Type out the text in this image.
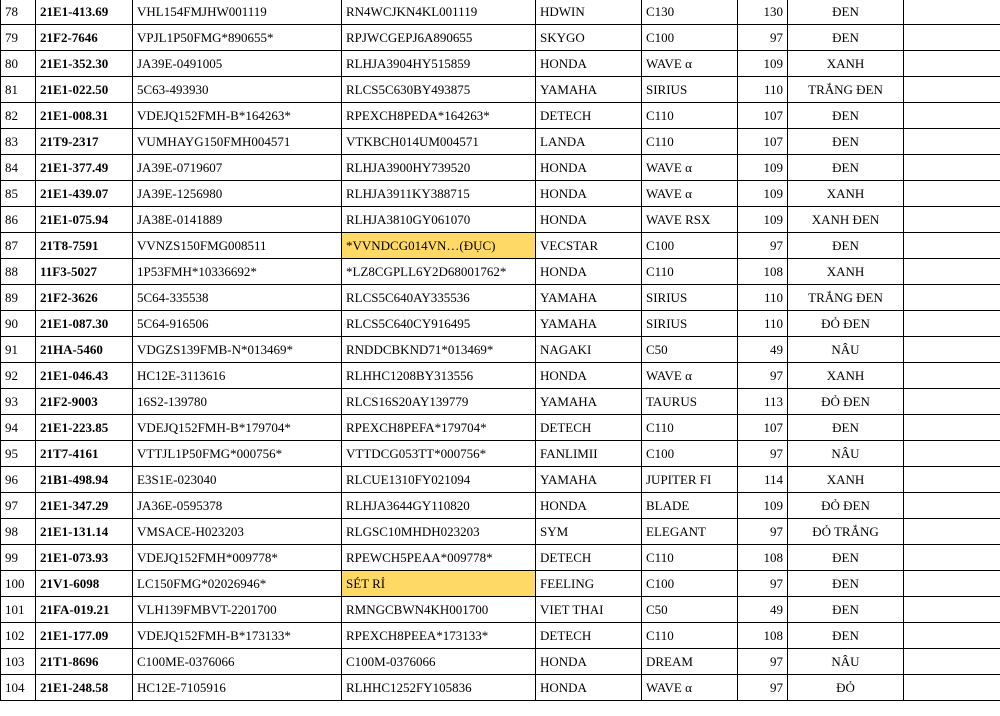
78	21E1-413.69	VHL154FMJHW001119	RN4WCJKN4KL001119	HDWIN	C130	130	ĐEN	
79	21F2-7646	VPJL1P50FMG*890655*	RPJWCGEPJ6A890655	SKYGO	C100	97	ĐEN	
80	21E1-352.30	JA39E-0491005	RLHJA3904HY515859	HONDA	WAVE α	109	XANH	
81	21E1-022.50	5C63-493930	RLCS5C630BY493875	YAMAHA	SIRIUS	110	TRẮNG ĐEN	
82	21E1-008.31	VDEJQ152FMH-B*164263*	RPEXCH8PEDA*164263*	DETECH	C110	107	ĐEN	
83	21T9-2317	VUMHAYG150FMH004571	VTKBCH014UM004571	LANDA	C110	107	ĐEN	
84	21E1-377.49	JA39E-0719607	RLHJA3900HY739520	HONDA	WAVE α	109	ĐEN	
85	21E1-439.07	JA39E-1256980	RLHJA3911KY388715	HONDA	WAVE α	109	XANH	
86	21E1-075.94	JA38E-0141889	RLHJA3810GY061070	HONDA	WAVE RSX	109	XANH ĐEN	
87	21T8-7591	VVNZS150FMG008511	*VVNDCG014VN…(ĐỤC)	VECSTAR	C100	97	ĐEN	
88	11F3-5027	1P53FMH*10336692*	*LZ8CGPLL6Y2D68001762*	HONDA	C110	108	XANH	
89	21F2-3626	5C64-335538	RLCS5C640AY335536	YAMAHA	SIRIUS	110	TRẮNG ĐEN	
90	21E1-087.30	5C64-916506	RLCS5C640CY916495	YAMAHA	SIRIUS	110	ĐỎ ĐEN	
91	21HA-5460	VDGZS139FMB-N*013469*	RNDDCBKND71*013469*	NAGAKI	C50	49	NÂU	
92	21E1-046.43	HC12E-3113616	RLHHC1208BY313556	HONDA	WAVE α	97	XANH	
93	21F2-9003	16S2-139780	RLCS16S20AY139779	YAMAHA	TAURUS	113	ĐỎ ĐEN	
94	21E1-223.85	VDEJQ152FMH-B*179704*	RPEXCH8PEFA*179704*	DETECH	C110	107	ĐEN	
95	21T7-4161	VTTJL1P50FMG*000756*	VTTDCG053TT*000756*	FANLIMII	C100	97	NÂU	
96	21B1-498.94	E3S1E-023040	RLCUE1310FY021094	YAMAHA	JUPITER FI	114	XANH	
97	21E1-347.29	JA36E-0595378	RLHJA3644GY110820	HONDA	BLADE	109	ĐỎ ĐEN	
98	21E1-131.14	VMSACE-H023203	RLGSC10MHDH023203	SYM	ELEGANT	97	ĐỎ TRẮNG	
99	21E1-073.93	VDEJQ152FMH*009778*	RPEWCH5PEAA*009778*	DETECH	C110	108	ĐEN	
100	21V1-6098	LC150FMG*02026946*	SÉT RỈ	FEELING	C100	97	ĐEN	
101	21FA-019.21	VLH139FMBVT-2201700	RMNGCBWN4KH001700	VIET THAI	C50	49	ĐEN	
102	21E1-177.09	VDEJQ152FMH-B*173133*	RPEXCH8PEEA*173133*	DETECH	C110	108	ĐEN	
103	21T1-8696	C100ME-0376066	C100M-0376066	HONDA	DREAM	97	NÂU	
104	21E1-248.58	HC12E-7105916	RLHHC1252FY105836	HONDA	WAVE α	97	ĐỎ	
